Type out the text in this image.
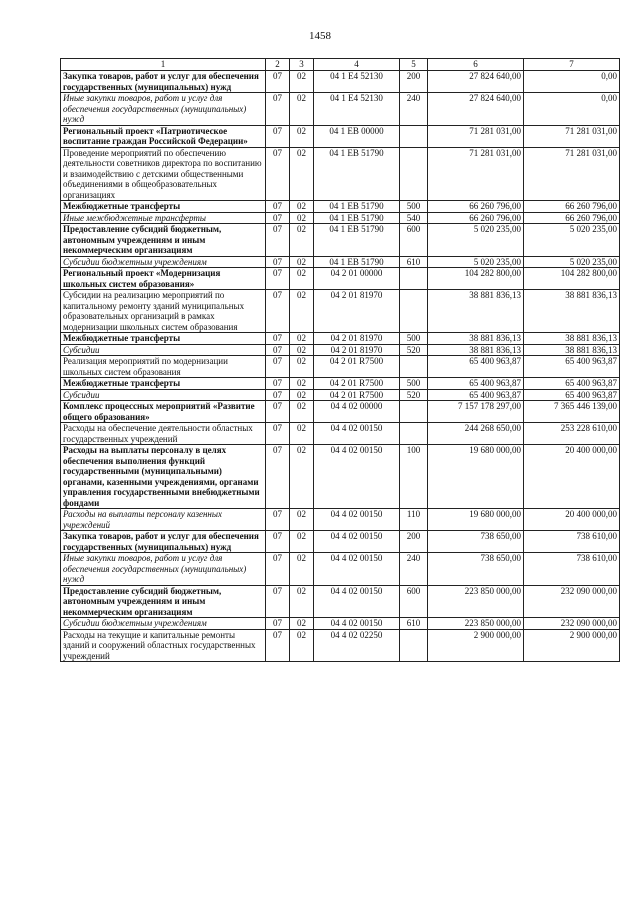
1458
1	2	3	4	5	6	7
Закупка товаров, работ и услуг для обеспечения государственных (муниципальных) нужд	07	02	04 1 Е4 52130	200	27 824 640,00	0,00
Иные закупки товаров, работ и услуг для обеспечения государственных (муниципальных) нужд	07	02	04 1 Е4 52130	240	27 824 640,00	0,00
Региональный проект «Патриотическое воспитание граждан Российской Федерации»	07	02	04 1 ЕВ 00000		71 281 031,00	71 281 031,00
Проведение мероприятий по обеспечению деятельности советников директора по воспитанию и взаимодействию с детскими общественными объединениями в общеобразовательных организациях	07	02	04 1 ЕВ 51790		71 281 031,00	71 281 031,00
Межбюджетные трансферты	07	02	04 1 ЕВ 51790	500	66 260 796,00	66 260 796,00
Иные межбюджетные трансферты	07	02	04 1 ЕВ 51790	540	66 260 796,00	66 260 796,00
Предоставление субсидий бюджетным, автономным учреждениям и иным некоммерческим организациям	07	02	04 1 ЕВ 51790	600	5 020 235,00	5 020 235,00
Субсидии бюджетным учреждениям	07	02	04 1 ЕВ 51790	610	5 020 235,00	5 020 235,00
Региональный проект «Модернизация школьных систем образования»	07	02	04 2 01 00000		104 282 800,00	104 282 800,00
Субсидии на реализацию мероприятий по капитальному ремонту зданий муниципальных образовательных организаций в рамках модернизации школьных систем образования	07	02	04 2 01 81970		38 881 836,13	38 881 836,13
Межбюджетные трансферты	07	02	04 2 01 81970	500	38 881 836,13	38 881 836,13
Субсидии	07	02	04 2 01 81970	520	38 881 836,13	38 881 836,13
Реализация мероприятий по модернизации школьных систем образования	07	02	04 2 01 R7500		65 400 963,87	65 400 963,87
Межбюджетные трансферты	07	02	04 2 01 R7500	500	65 400 963,87	65 400 963,87
Субсидии	07	02	04 2 01 R7500	520	65 400 963,87	65 400 963,87
Комплекс процессных мероприятий «Развитие общего образования»	07	02	04 4 02 00000		7 157 178 297,00	7 365 446 139,00
Расходы на обеспечение деятельности областных государственных учреждений	07	02	04 4 02 00150		244 268 650,00	253 228 610,00
Расходы на выплаты персоналу в целях обеспечения выполнения функций государственными (муниципальными) органами, казенными учреждениями, органами управления государственными внебюджетными фондами	07	02	04 4 02 00150	100	19 680 000,00	20 400 000,00
Расходы на выплаты персоналу казенных учреждений	07	02	04 4 02 00150	110	19 680 000,00	20 400 000,00
Закупка товаров, работ и услуг для обеспечения государственных (муниципальных) нужд	07	02	04 4 02 00150	200	738 650,00	738 610,00
Иные закупки товаров, работ и услуг для обеспечения государственных (муниципальных) нужд	07	02	04 4 02 00150	240	738 650,00	738 610,00
Предоставление субсидий бюджетным, автономным учреждениям и иным некоммерческим организациям	07	02	04 4 02 00150	600	223 850 000,00	232 090 000,00
Субсидии бюджетным учреждениям	07	02	04 4 02 00150	610	223 850 000,00	232 090 000,00
Расходы на текущие и капитальные ремонты зданий и сооружений областных государственных учреждений	07	02	04 4 02 02250		2 900 000,00	2 900 000,00
